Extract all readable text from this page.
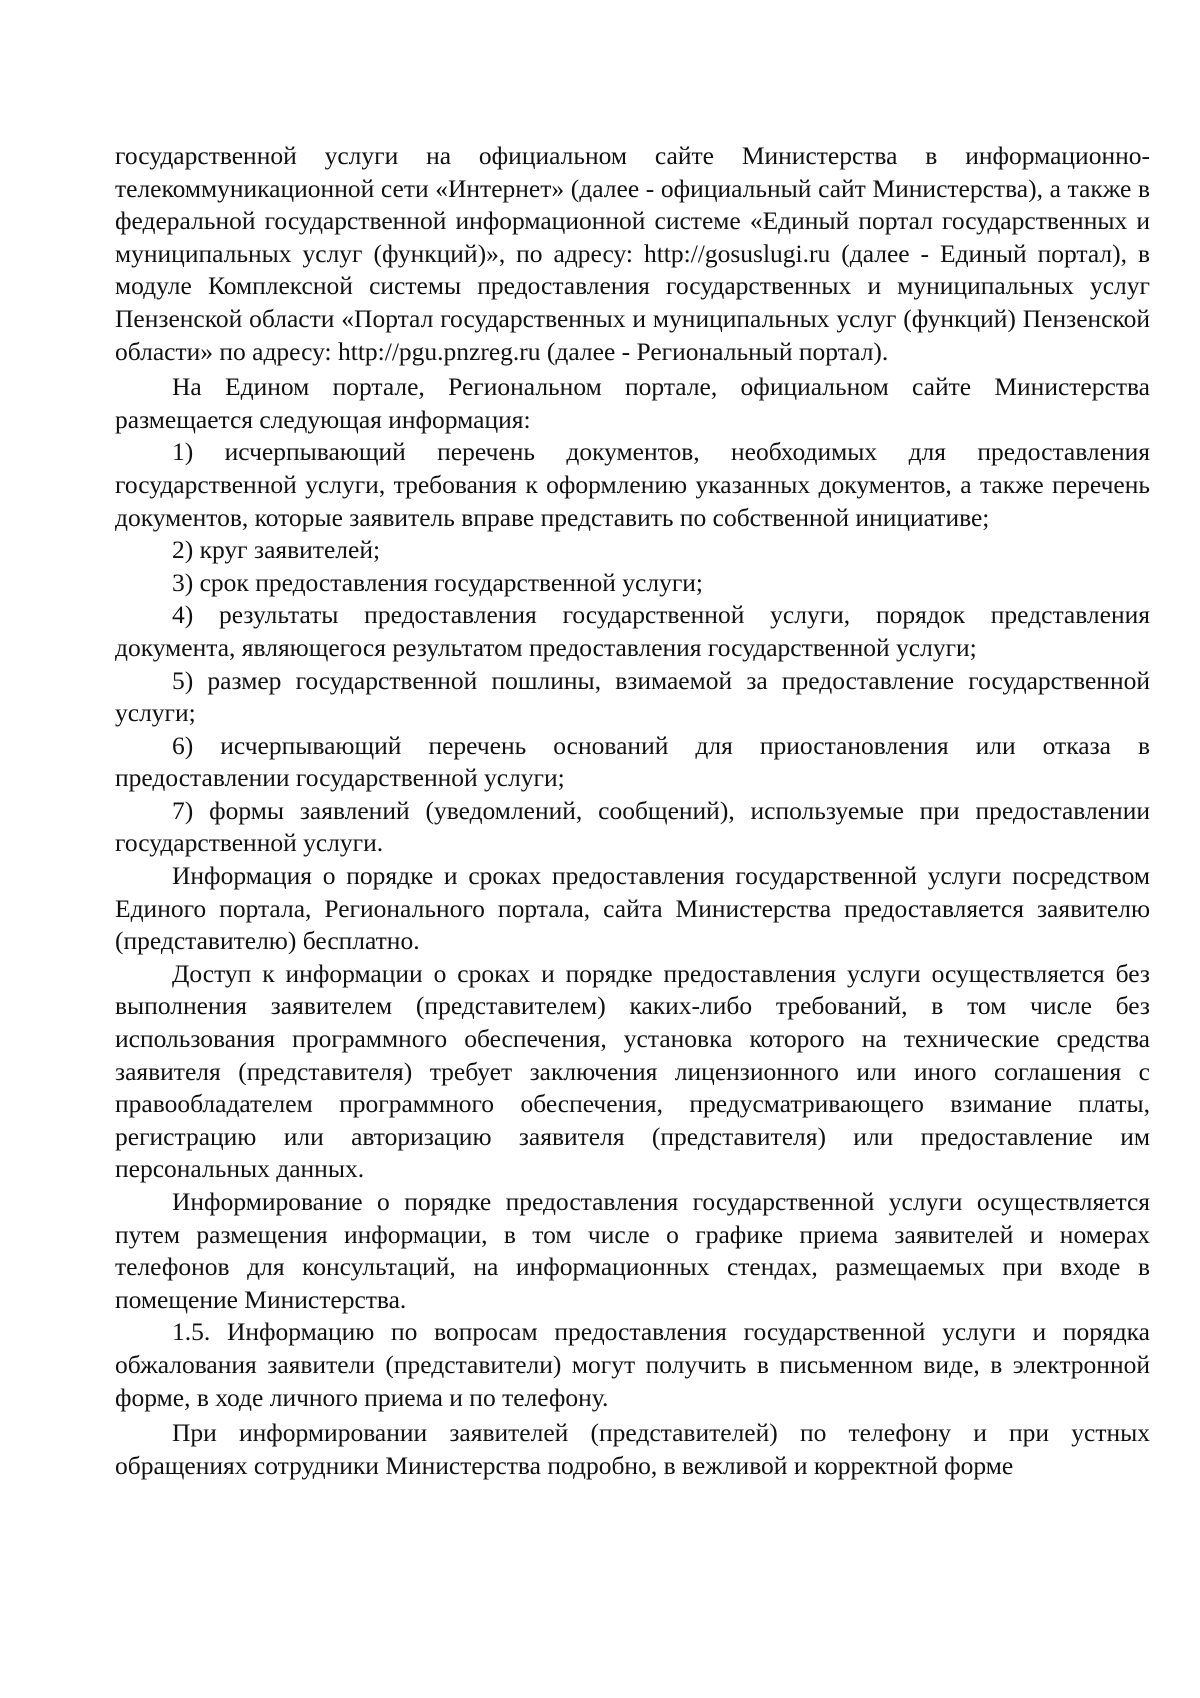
государственной услуги на официальном сайте Министерства в информационно-телекоммуникационной сети «Интернет» (далее - официальный сайт Министерства), а также в федеральной государственной информационной системе «Единый портал государственных и муниципальных услуг (функций)», по адресу: http://gosuslugi.ru (далее - Единый портал), в модуле Комплексной системы предоставления государственных и муниципальных услуг Пензенской области «Портал государственных и муниципальных услуг (функций) Пензенской области» по адресу: http://pgu.pnzreg.ru (далее - Региональный портал).

На Едином портале, Региональном портале, официальном сайте Министерства размещается следующая информация:

1) исчерпывающий перечень документов, необходимых для предоставления государственной услуги, требования к оформлению указанных документов, а также перечень документов, которые заявитель вправе представить по собственной инициативе;

2) круг заявителей;

3) срок предоставления государственной услуги;

4) результаты предоставления государственной услуги, порядок представления документа, являющегося результатом предоставления государственной услуги;

5) размер государственной пошлины, взимаемой за предоставление государственной услуги;

6) исчерпывающий перечень оснований для приостановления или отказа в предоставлении государственной услуги;

7) формы заявлений (уведомлений, сообщений), используемые при предоставлении государственной услуги.

Информация о порядке и сроках предоставления государственной услуги посредством Единого портала, Регионального портала, сайта Министерства предоставляется заявителю (представителю) бесплатно.

Доступ к информации о сроках и порядке предоставления услуги осуществляется без выполнения заявителем (представителем) каких-либо требований, в том числе без использования программного обеспечения, установка которого на технические средства заявителя (представителя) требует заключения лицензионного или иного соглашения с правообладателем программного обеспечения, предусматривающего взимание платы, регистрацию или авторизацию заявителя (представителя) или предоставление им персональных данных.

Информирование о порядке предоставления государственной услуги осуществляется путем размещения информации, в том числе о графике приема заявителей и номерах телефонов для консультаций, на информационных стендах, размещаемых при входе в помещение Министерства.

1.5. Информацию по вопросам предоставления государственной услуги и порядка обжалования заявители (представители) могут получить в письменном виде, в электронной форме, в ходе личного приема и по телефону.

При информировании заявителей (представителей) по телефону и при устных обращениях сотрудники Министерства подробно, в вежливой и корректной форме
